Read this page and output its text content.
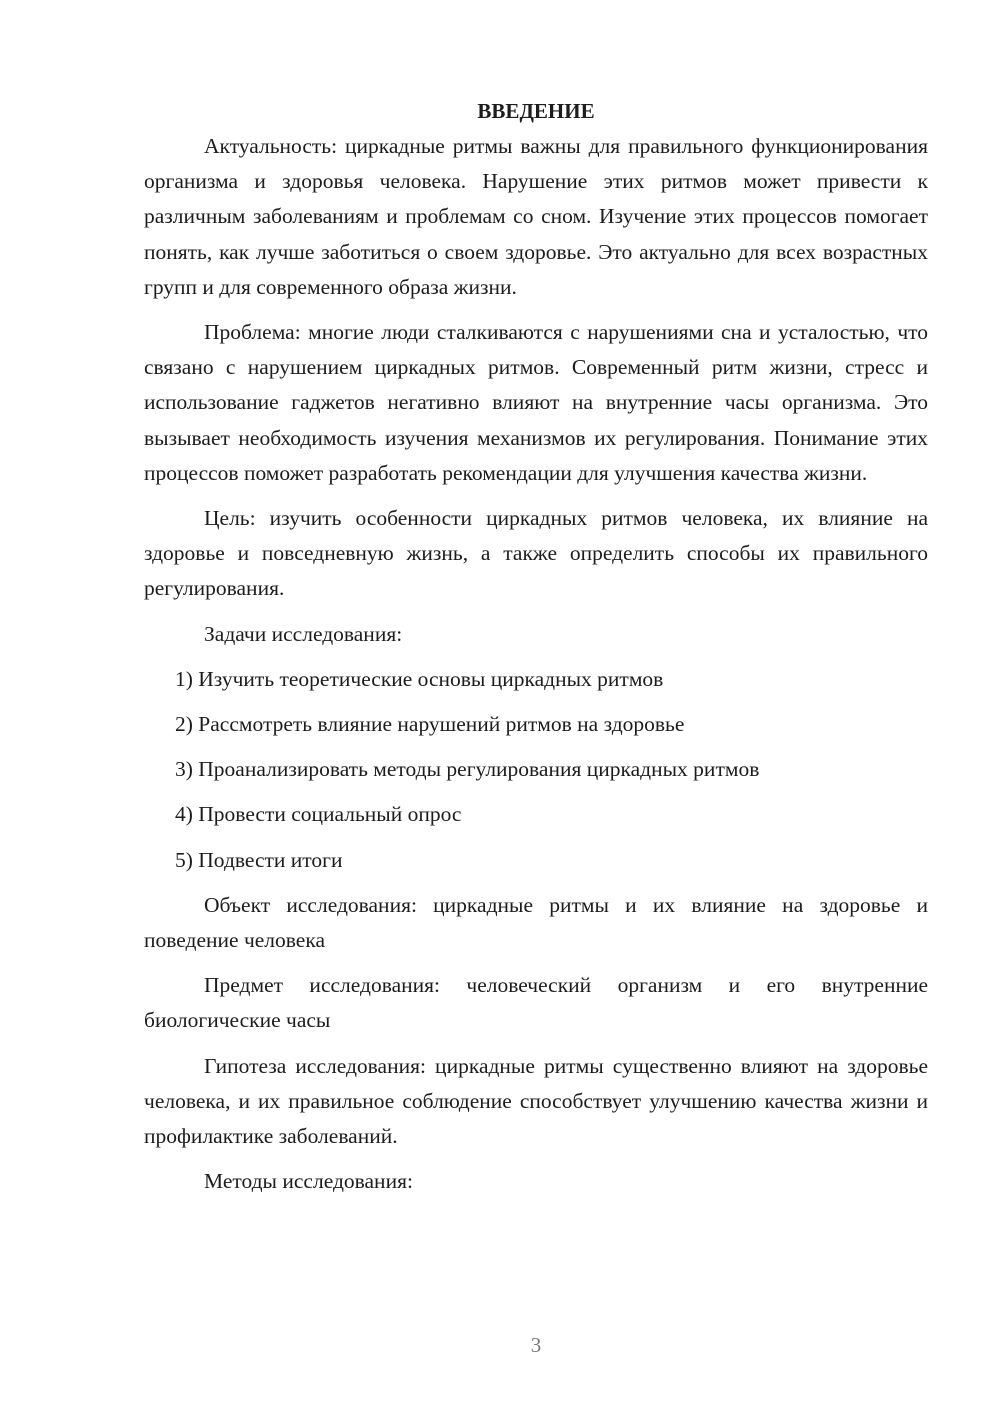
ВВЕДЕНИЕ

Актуальность: циркадные ритмы важны для правильного функционирования организма и здоровья человека. Нарушение этих ритмов может привести к различным заболеваниям и проблемам со сном. Изучение этих процессов помогает понять, как лучше заботиться о своем здоровье. Это актуально для всех возрастных групп и для современного образа жизни.

Проблема: многие люди сталкиваются с нарушениями сна и усталостью, что связано с нарушением циркадных ритмов. Современный ритм жизни, стресс и использование гаджетов негативно влияют на внутренние часы организма. Это вызывает необходимость изучения механизмов их регулирования. Понимание этих процессов поможет разработать рекомендации для улучшения качества жизни.

Цель: изучить особенности циркадных ритмов человека, их влияние на здоровье и повседневную жизнь, а также определить способы их правильного регулирования.

Задачи исследования:

1) Изучить теоретические основы циркадных ритмов
2) Рассмотреть влияние нарушений ритмов на здоровье
3) Проанализировать методы регулирования циркадных ритмов
4) Провести социальный опрос
5) Подвести итоги

Объект исследования: циркадные ритмы и их влияние на здоровье и поведение человека

Предмет исследования: человеческий организм и его внутренние биологические часы

Гипотеза исследования: циркадные ритмы существенно влияют на здоровье человека, и их правильное соблюдение способствует улучшению качества жизни и профилактике заболеваний.

Методы исследования:

3
